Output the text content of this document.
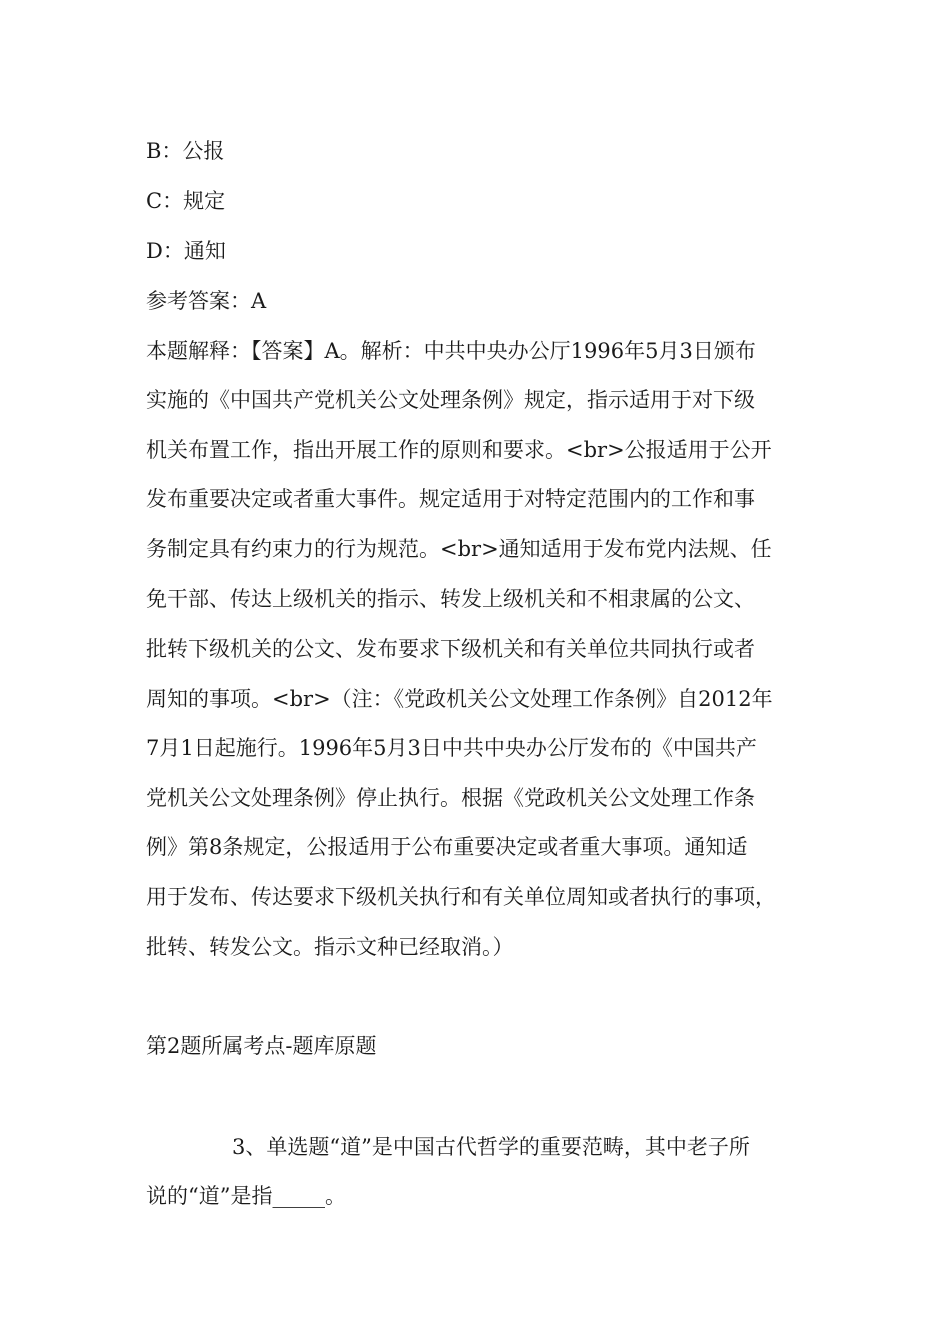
B：公报
C：规定
D：通知
参考答案：A
本题解释：【答案】A。解析：中共中央办公厅1996年5月3日颁布
实施的《中国共产党机关公文处理条例》规定，指示适用于对下级
机关布置工作，指出开展工作的原则和要求。<br>公报适用于公开
发布重要决定或者重大事件。规定适用于对特定范围内的工作和事
务制定具有约束力的行为规范。<br>通知适用于发布党内法规、任
免干部、传达上级机关的指示、转发上级机关和不相隶属的公文、
批转下级机关的公文、发布要求下级机关和有关单位共同执行或者
周知的事项。<br>（注：《党政机关公文处理工作条例》自2012年
7月1日起施行。1996年5月3日中共中央办公厅发布的《中国共产
党机关公文处理条例》停止执行。根据《党政机关公文处理工作条
例》第8条规定，公报适用于公布重要决定或者重大事项。通知适
用于发布、传达要求下级机关执行和有关单位周知或者执行的事项，
批转、转发公文。指示文种已经取消。）
第2题所属考点-题库原题
3、单选题“道”是中国古代哲学的重要范畴，其中老子所
说的“道”是指_____。
